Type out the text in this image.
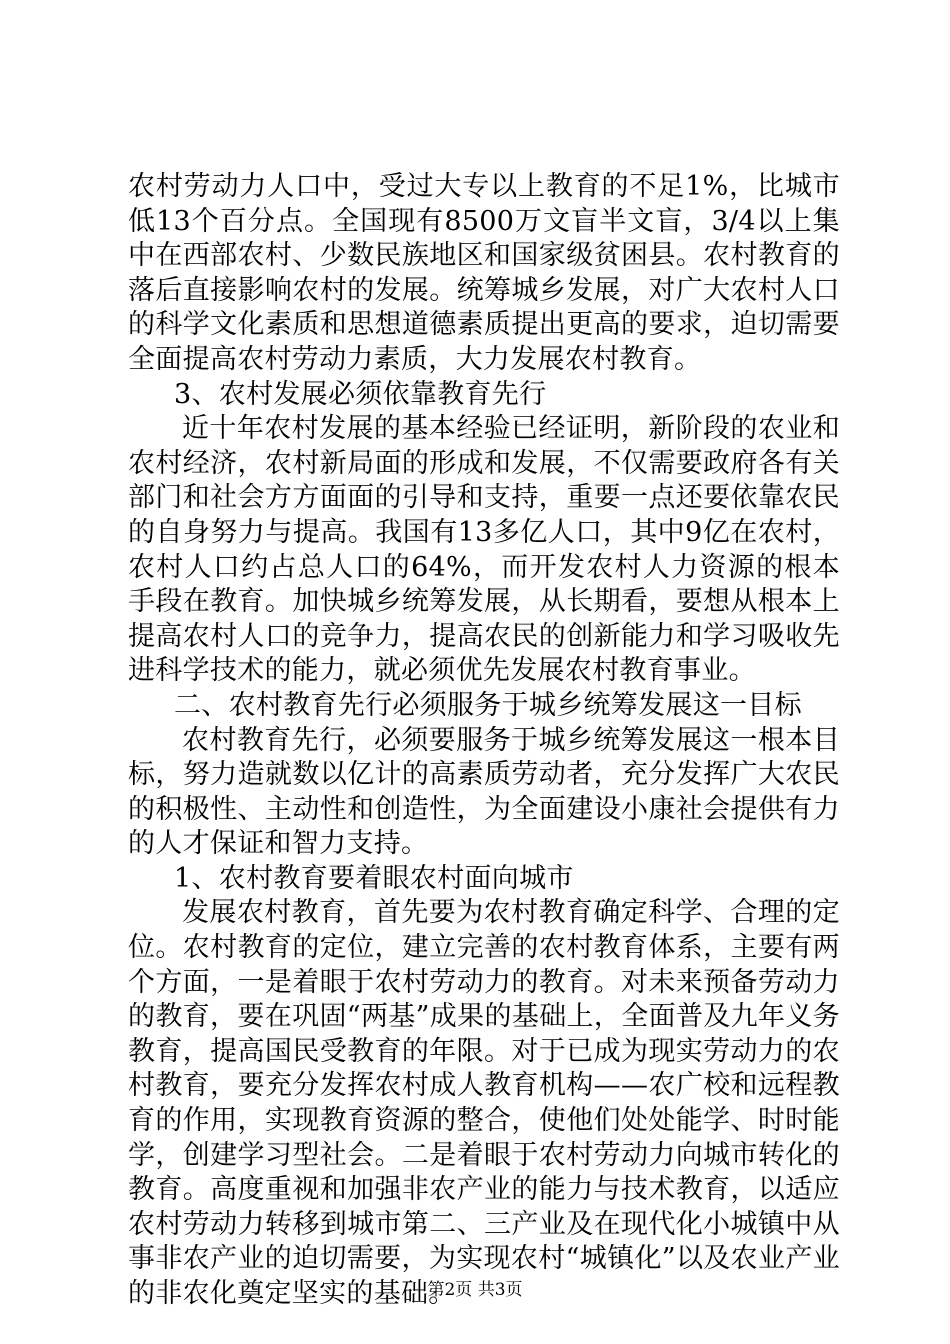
农村劳动力人口中，受过大专以上教育的不足1%，比城市低13个百分点。全国现有8500万文盲半文盲，3/4以上集中在西部农村、少数民族地区和国家级贫困县。农村教育的落后直接影响农村的发展。统筹城乡发展，对广大农村人口的科学文化素质和思想道德素质提出更高的要求，迫切需要全面提高农村劳动力素质，大力发展农村教育。

3、农村发展必须依靠教育先行

近十年农村发展的基本经验已经证明，新阶段的农业和农村经济，农村新局面的形成和发展，不仅需要政府各有关部门和社会方方面面的引导和支持，重要一点还要依靠农民的自身努力与提高。我国有13多亿人口，其中9亿在农村，农村人口约占总人口的64%，而开发农村人力资源的根本手段在教育。加快城乡统筹发展，从长期看，要想从根本上提高农村人口的竞争力，提高农民的创新能力和学习吸收先进科学技术的能力，就必须优先发展农村教育事业。

二、农村教育先行必须服务于城乡统筹发展这一目标

农村教育先行，必须要服务于城乡统筹发展这一根本目标，努力造就数以亿计的高素质劳动者，充分发挥广大农民的积极性、主动性和创造性，为全面建设小康社会提供有力的人才保证和智力支持。

1、农村教育要着眼农村面向城市

发展农村教育，首先要为农村教育确定科学、合理的定位。农村教育的定位，建立完善的农村教育体系，主要有两个方面，一是着眼于农村劳动力的教育。对未来预备劳动力的教育，要在巩固“两基”成果的基础上，全面普及九年义务教育，提高国民受教育的年限。对于已成为现实劳动力的农村教育，要充分发挥农村成人教育机构——农广校和远程教育的作用，实现教育资源的整合，使他们处处能学、时时能学，创建学习型社会。二是着眼于农村劳动力向城市转化的教育。高度重视和加强非农产业的能力与技术教育，以适应农村劳动力转移到城市第二、三产业及在现代化小城镇中从事非农产业的迫切需要，为实现农村“城镇化”以及农业产业的非农化奠定坚实的基础。

第2页 共3页
